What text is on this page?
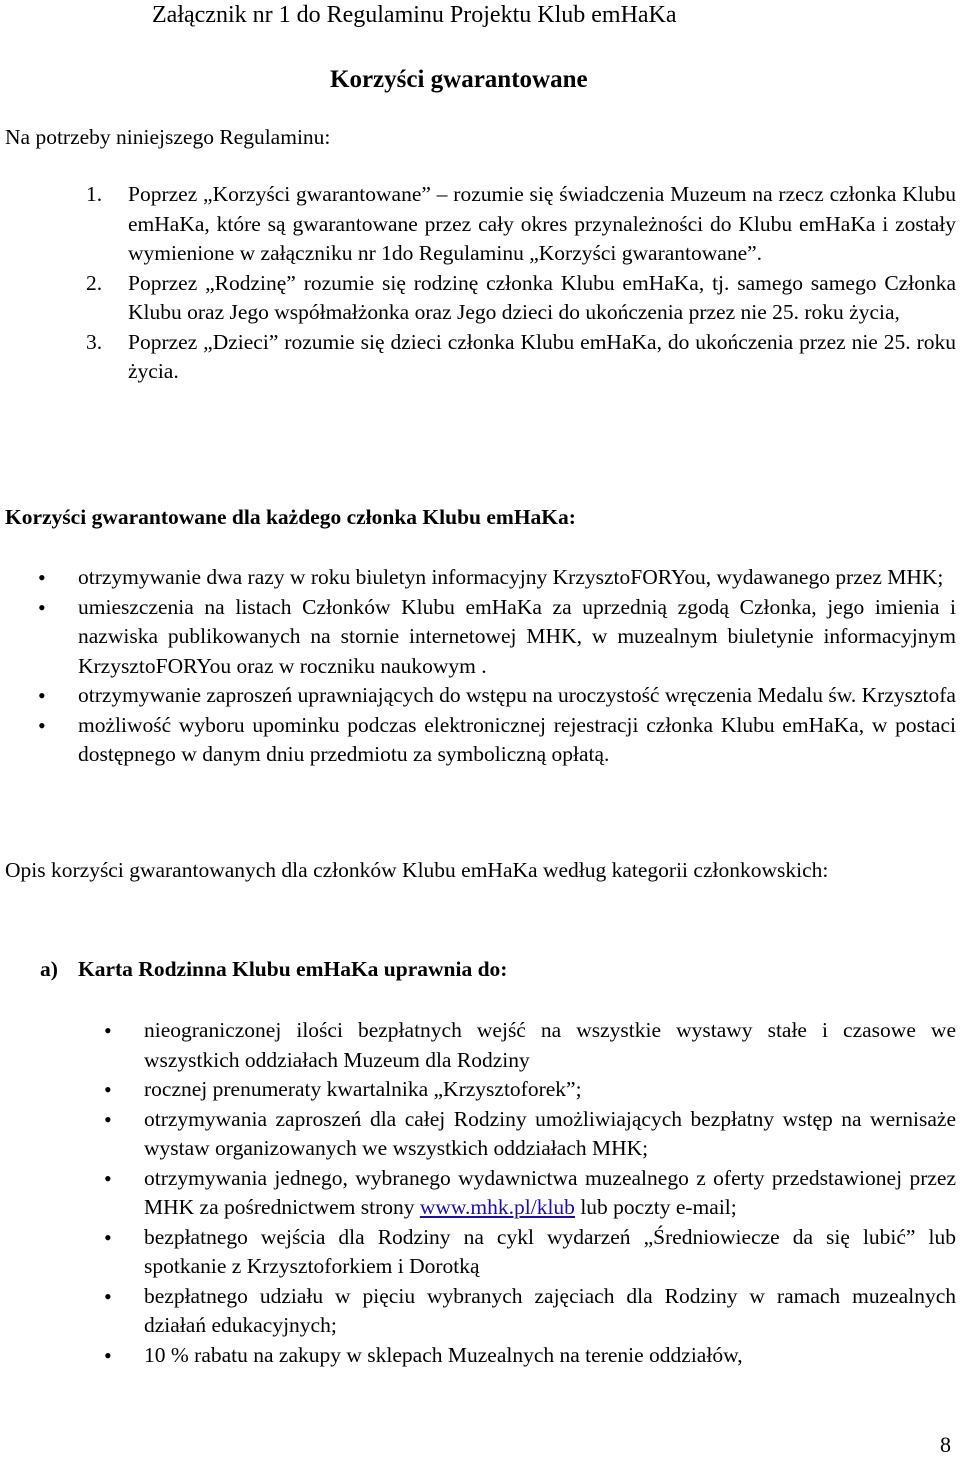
Załącznik nr 1 do Regulaminu Projektu Klub emHaKa
Korzyści gwarantowane
Na potrzeby niniejszego Regulaminu:
1. Poprzez „Korzyści gwarantowane” – rozumie się świadczenia Muzeum na rzecz członka Klubu emHaKa, które są gwarantowane przez cały okres przynależności do Klubu emHaKa i zostały wymienione w załączniku nr 1do Regulaminu „Korzyści gwarantowane”.
2. Poprzez „Rodzinę” rozumie się rodzinę członka Klubu emHaKa, tj. samego samego Członka Klubu oraz Jego współmałżonka oraz Jego dzieci do ukończenia przez nie 25. roku życia,
3. Poprzez „Dzieci” rozumie się dzieci członka Klubu emHaKa, do ukończenia przez nie 25. roku życia.
Korzyści gwarantowane dla każdego członka Klubu emHaKa:
• otrzymywanie dwa razy w roku biuletyn informacyjny KrzysztoFORYou, wydawanego przez MHK;
• umieszczenia na listach Członków Klubu emHaKa za uprzednią zgodą Członka, jego imienia i nazwiska publikowanych na stornie internetowej MHK, w muzealnym biuletynie informacyjnym KrzysztoFORYou oraz w roczniku naukowym .
• otrzymywanie zaproszeń uprawniających do wstępu na uroczystość wręczenia Medalu św. Krzysztofa
• możliwość wyboru upominku podczas elektronicznej rejestracji członka Klubu emHaKa, w postaci dostępnego w danym dniu przedmiotu za symboliczną opłatą.
Opis korzyści gwarantowanych dla członków Klubu emHaKa według kategorii członkowskich:
a) Karta Rodzinna Klubu emHaKa uprawnia do:
• nieograniczonej ilości bezpłatnych wejść na wszystkie wystawy stałe i czasowe we wszystkich oddziałach Muzeum dla Rodziny
• rocznej prenumeraty kwartalnika „Krzysztoforek”;
• otrzymywania zaproszeń dla całej Rodziny umożliwiających bezpłatny wstęp na wernisaże wystaw organizowanych we wszystkich oddziałach MHK;
• otrzymywania jednego, wybranego wydawnictwa muzealnego z oferty przedstawionej przez MHK za pośrednictwem strony www.mhk.pl/klub lub poczty e-mail;
• bezpłatnego wejścia dla Rodziny na cykl wydarzeń „Średniowiecze da się lubić” lub spotkanie z Krzysztoforkiem i Dorotką
• bezpłatnego udziału w pięciu wybranych zajęciach dla Rodziny w ramach muzealnych działań edukacyjnych;
• 10 % rabatu na zakupy w sklepach Muzealnych na terenie oddziałów,
8
